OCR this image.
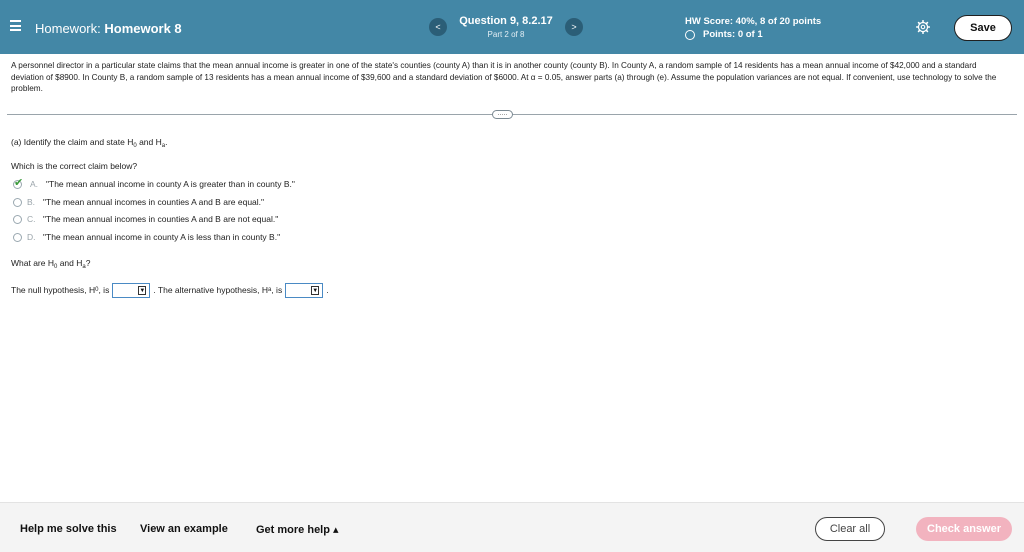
Homework: Homework 8	<	Question 9, 8.2.17
Part 2 of 8
>	HW Score: 40%, 8 of 20 points
Points: 0 of 1
Save
A personnel director in a particular state claims that the mean annual income is greater in one of the state's counties (county A) than it is in another county (county B). In County A, a random sample of 14 residents has a mean annual income of $42,000 and a standard deviation of $8900. In County B, a random sample of 13 residents has a mean annual income of $39,600 and a standard deviation of $6000. At α = 0.05, answer parts (a) through (e). Assume the population variances are not equal. If convenient, use technology to solve the problem.
.....
(a) Identify the claim and state $H_0$ and $H_a$.
Which is the correct claim below?
✔ A. "The mean annual income in county A is greater than in county B."
B. "The mean annual incomes in counties A and B are equal."
C. "The mean annual incomes in counties A and B are not equal."
D. "The mean annual income in county A is less than in county B."
What are $H_0$ and $H_a$?
The null hypothesis, H 0 , is	▼ . The alternative hypothesis, H a , is	▼ .
Help me solve this View an example	Get more help ▴	Clear all	Check answer
